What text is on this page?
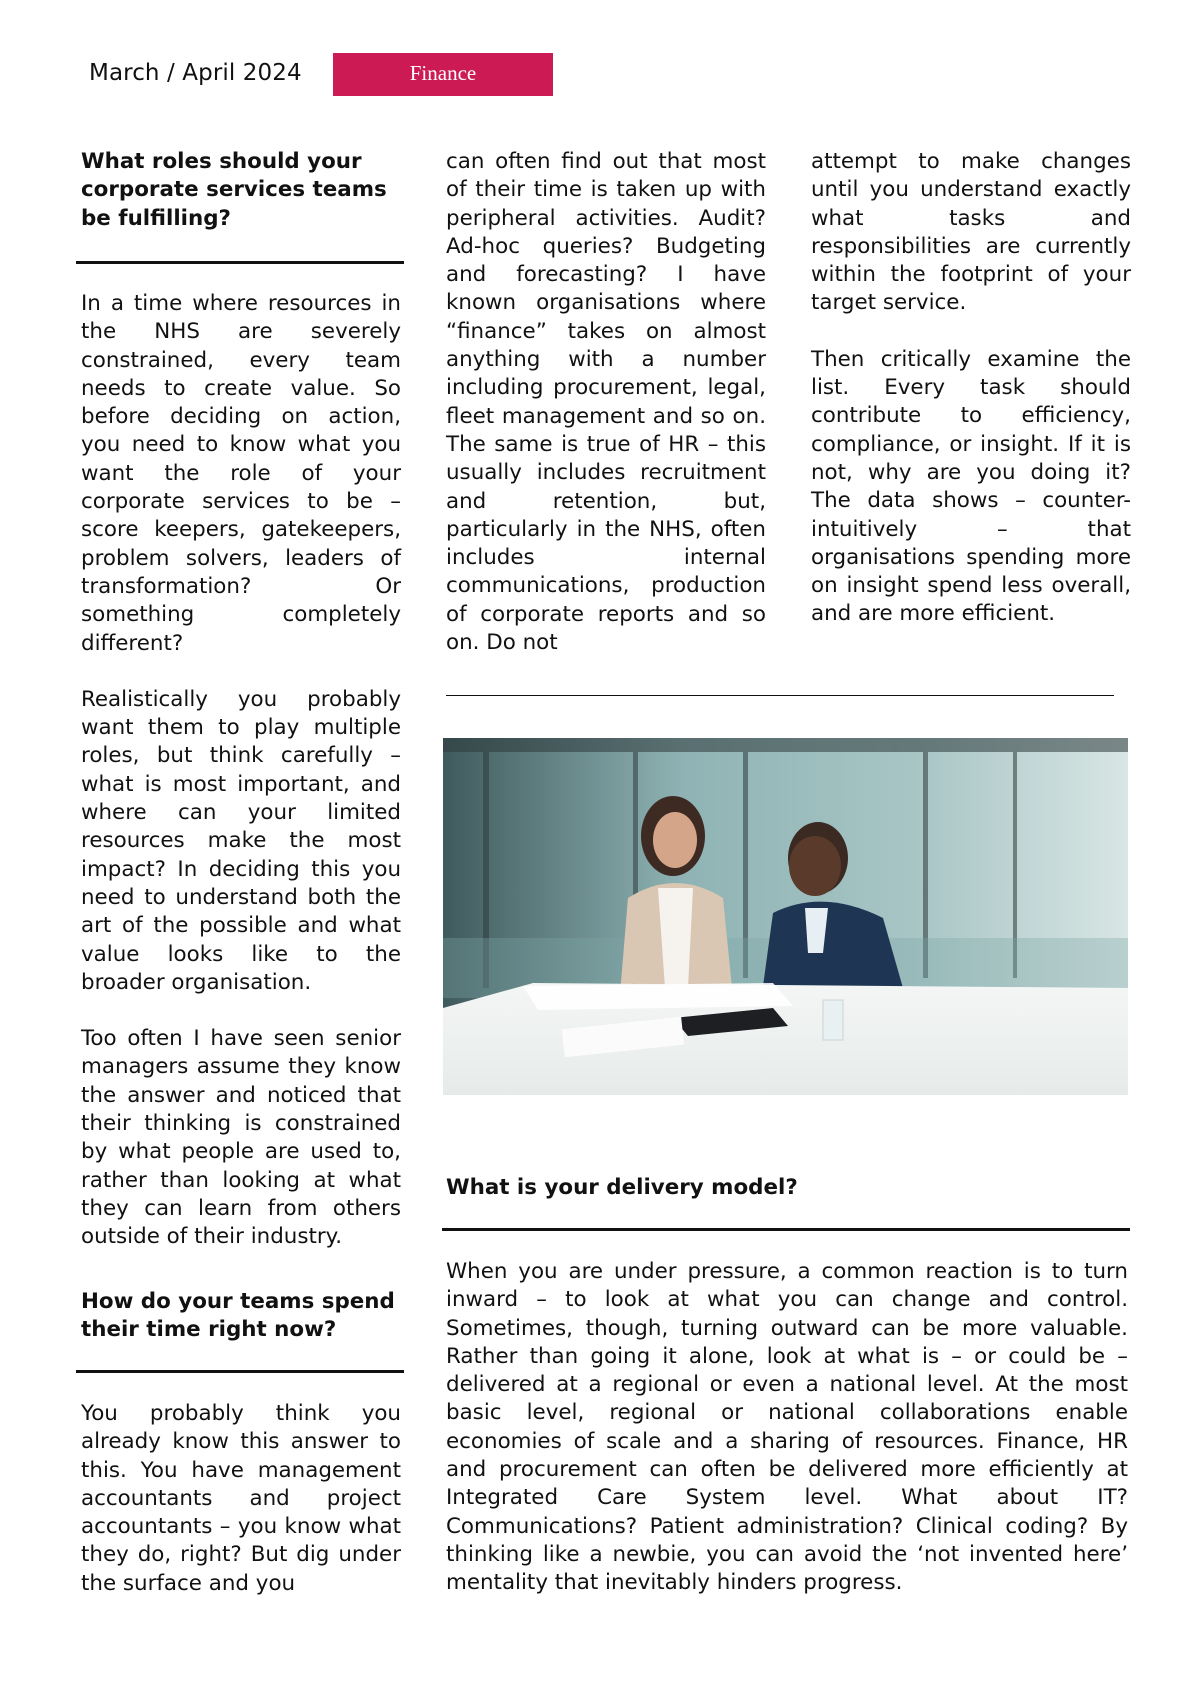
March / April 2024	Finance
What roles should your corporate services teams be fulfilling?

In a time where resources in the NHS are severely constrained, every team needs to create value. So before deciding on action, you need to know what you want the role of your corporate services to be – score keepers, gatekeepers, problem solvers, leaders of transformation? Or something completely different?

Realistically you probably want them to play multiple roles, but think carefully – what is most important, and where can your limited resources make the most impact? In deciding this you need to understand both the art of the possible and what value looks like to the broader organisation.

Too often I have seen senior managers assume they know the answer and noticed that their thinking is constrained by what people are used to, rather than looking at what they can learn from others outside of their industry.

How do your teams spend their time right now?

You probably think you already know this answer to this. You have management accountants and project accountants – you know what they do, right? But dig under the surface and you

can often find out that most of their time is taken up with peripheral activities. Audit? Ad-hoc queries? Budgeting and forecasting? I have known organisations where “finance” takes on almost anything with a number including procurement, legal, fleet management and so on. The same is true of HR – this usually includes recruitment and retention, but, particularly in the NHS, often includes internal communications, production of corporate reports and so on. Do not

attempt to make changes until you understand exactly what tasks and responsibilities are currently within the footprint of your target service.

Then critically examine the list. Every task should contribute to efficiency, compliance, or insight. If it is not, why are you doing it? The data shows – counter-intuitively – that organisations spending more on insight spend less overall, and are more efficient.

What is your delivery model?

When you are under pressure, a common reaction is to turn inward – to look at what you can change and control. Sometimes, though, turning outward can be more valuable. Rather than going it alone, look at what is – or could be – delivered at a regional or even a national level. At the most basic level, regional or national collaborations enable economies of scale and a sharing of resources. Finance, HR and procurement can often be delivered more efficiently at Integrated Care System level. What about IT? Communications? Patient administration? Clinical coding? By thinking like a newbie, you can avoid the ‘not invented here’ mentality that inevitably hinders progress.
